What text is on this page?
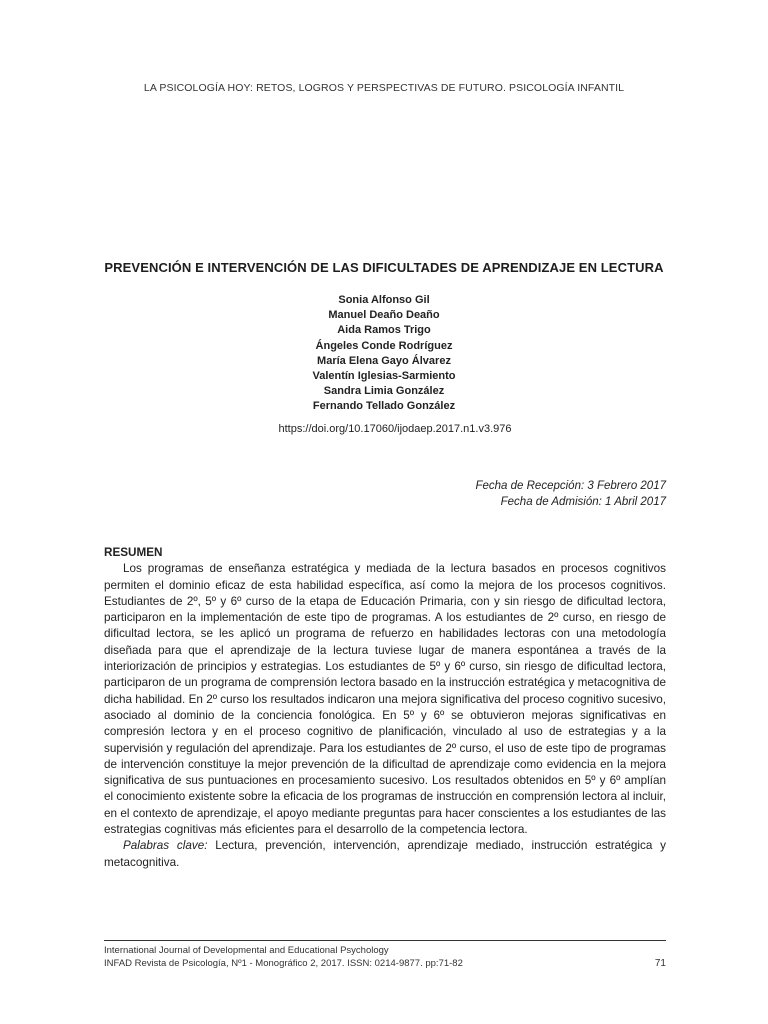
LA PSICOLOGÍA HOY: RETOS, LOGROS Y PERSPECTIVAS DE FUTURO. PSICOLOGÍA INFANTIL
PREVENCIÓN E INTERVENCIÓN DE LAS DIFICULTADES DE APRENDIZAJE EN LECTURA
Sonia Alfonso Gil
Manuel Deaño Deaño
Aida Ramos Trigo
Ángeles Conde Rodríguez
María Elena Gayo Álvarez
Valentín Iglesias-Sarmiento
Sandra Limia González
Fernando Tellado González
https://doi.org/10.17060/ijodaep.2017.n1.v3.976
Fecha de Recepción: 3 Febrero 2017
Fecha de Admisión: 1 Abril 2017
RESUMEN

Los programas de enseñanza estratégica y mediada de la lectura basados en procesos cognitivos permiten el dominio eficaz de esta habilidad específica, así como la mejora de los procesos cognitivos. Estudiantes de 2º, 5º y 6º curso de la etapa de Educación Primaria, con y sin riesgo de dificultad lectora, participaron en la implementación de este tipo de programas. A los estudiantes de 2º curso, en riesgo de dificultad lectora, se les aplicó un programa de refuerzo en habilidades lectoras con una metodología diseñada para que el aprendizaje de la lectura tuviese lugar de manera espontánea a través de la interiorización de principios y estrategias. Los estudiantes de 5º y 6º curso, sin riesgo de dificultad lectora, participaron de un programa de comprensión lectora basado en la instrucción estratégica y metacognitiva de dicha habilidad. En 2º curso los resultados indicaron una mejora significativa del proceso cognitivo sucesivo, asociado al dominio de la conciencia fonológica. En 5º y 6º se obtuvieron mejoras significativas en compresión lectora y en el proceso cognitivo de planificación, vinculado al uso de estrategias y a la supervisión y regulación del aprendizaje. Para los estudiantes de 2º curso, el uso de este tipo de programas de intervención constituye la mejor prevención de la dificultad de aprendizaje como evidencia en la mejora significativa de sus puntuaciones en procesamiento sucesivo. Los resultados obtenidos en 5º y 6º amplían el conocimiento existente sobre la eficacia de los programas de instrucción en comprensión lectora al incluir, en el contexto de aprendizaje, el apoyo mediante preguntas para hacer conscientes a los estudiantes de las estrategias cognitivas más eficientes para el desarrollo de la competencia lectora.

Palabras clave: Lectura, prevención, intervención, aprendizaje mediado, instrucción estratégica y metacognitiva.

International Journal of Developmental and Educational Psychology
INFAD Revista de Psicología, Nº1 - Monográfico 2, 2017. ISSN: 0214-9877. pp:71-82	71
